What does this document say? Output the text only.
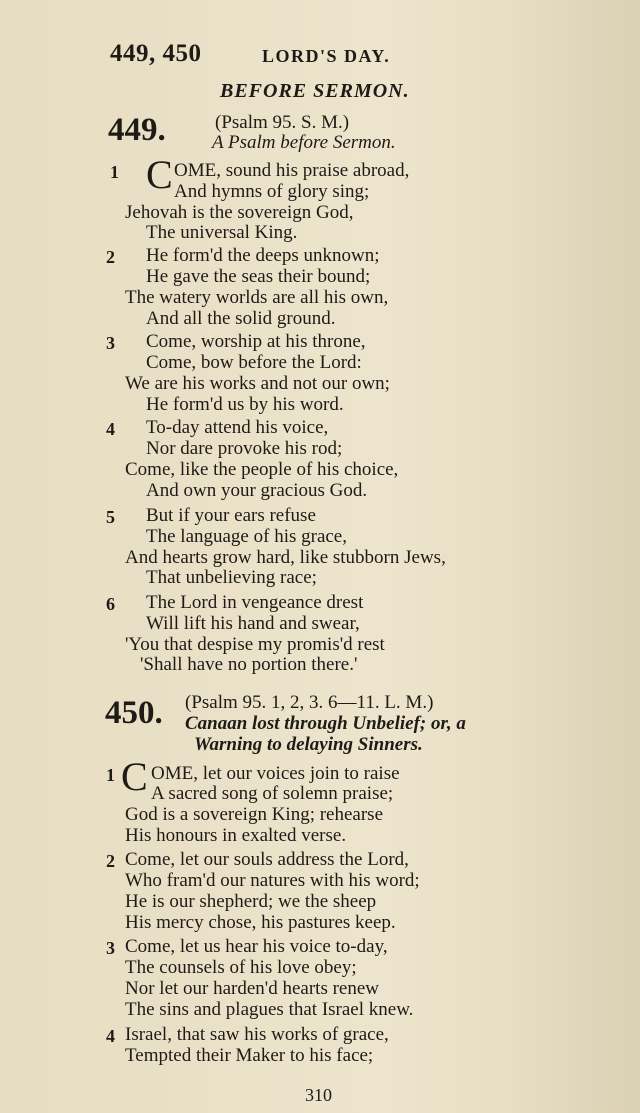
449, 450	LORD'S DAY.
BEFORE SERMON.
449.	(Psalm 95. S. M.)
A Psalm before Sermon.
1 C OME, sound his praise abroad,
And hymns of glory sing;
Jehovah is the sovereign God,
The universal King.
2 He form'd the deeps unknown;
He gave the seas their bound;
The watery worlds are all his own,
And all the solid ground.
3 Come, worship at his throne,
Come, bow before the Lord:
We are his works and not our own;
He form'd us by his word.
4 To-day attend his voice,
Nor dare provoke his rod;
Come, like the people of his choice,
And own your gracious God.
5 But if your ears refuse
The language of his grace,
And hearts grow hard, like stubborn Jews,
That unbelieving race;
6 The Lord in vengeance drest
Will lift his hand and swear,
'You that despise my promis'd rest
'Shall have no portion there.'
450. (Psalm 95. 1, 2, 3. 6—11. L. M.)
Canaan lost through Unbelief; or, a
Warning to delaying Sinners.
1 C OME, let our voices join to raise
A sacred song of solemn praise;
God is a sovereign King; rehearse
His honours in exalted verse.
2 Come, let our souls address the Lord,
Who fram'd our natures with his word;
He is our shepherd; we the sheep
His mercy chose, his pastures keep.
3 Come, let us hear his voice to-day,
The counsels of his love obey;
Nor let our harden'd hearts renew
The sins and plagues that Israel knew.
4 Israel, that saw his works of grace,
Tempted their Maker to his face;
310
